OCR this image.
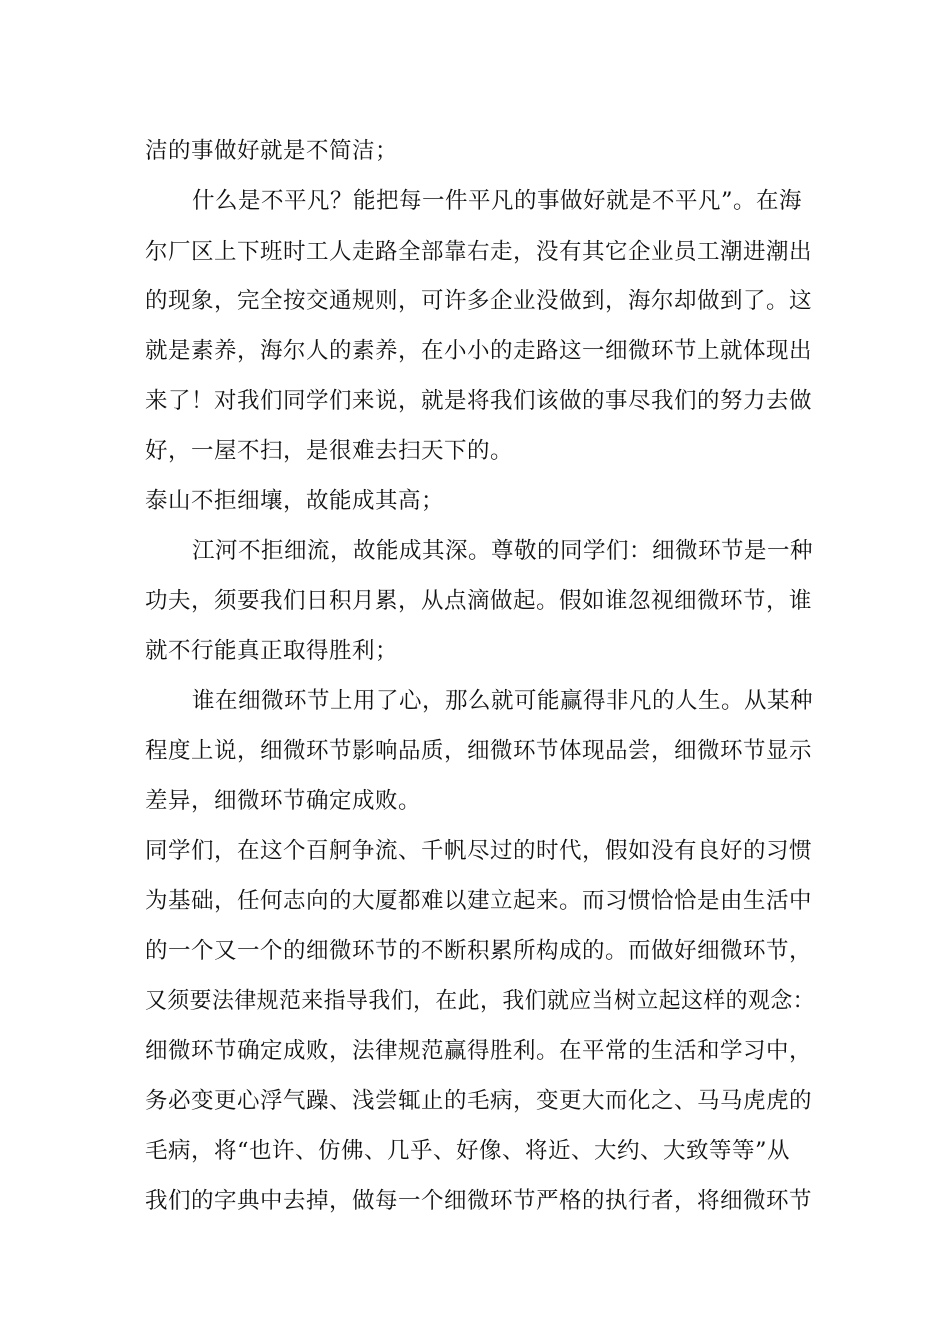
洁的事做好就是不简洁；
什么是不平凡？能把每一件平凡的事做好就是不平凡”。在海
尔厂区上下班时工人走路全部靠右走，没有其它企业员工潮进潮出
的现象，完全按交通规则，可许多企业没做到，海尔却做到了。这
就是素养，海尔人的素养，在小小的走路这一细微环节上就体现出
来了！对我们同学们来说，就是将我们该做的事尽我们的努力去做
好，一屋不扫，是很难去扫天下的。
泰山不拒细壤，故能成其高；
江河不拒细流，故能成其深。尊敬的同学们：细微环节是一种
功夫，须要我们日积月累，从点滴做起。假如谁忽视细微环节，谁
就不行能真正取得胜利；
谁在细微环节上用了心，那么就可能赢得非凡的人生。从某种
程度上说，细微环节影响品质，细微环节体现品尝，细微环节显示
差异，细微环节确定成败。
同学们，在这个百舸争流、千帆尽过的时代，假如没有良好的习惯
为基础，任何志向的大厦都难以建立起来。而习惯恰恰是由生活中
的一个又一个的细微环节的不断积累所构成的。而做好细微环节，
又须要法律规范来指导我们，在此，我们就应当树立起这样的观念：
细微环节确定成败，法律规范赢得胜利。在平常的生活和学习中，
务必变更心浮气躁、浅尝辄止的毛病，变更大而化之、马马虎虎的
毛病，将“也许、仿佛、几乎、好像、将近、大约、大致等等”从
我们的字典中去掉，做每一个细微环节严格的执行者，将细微环节
